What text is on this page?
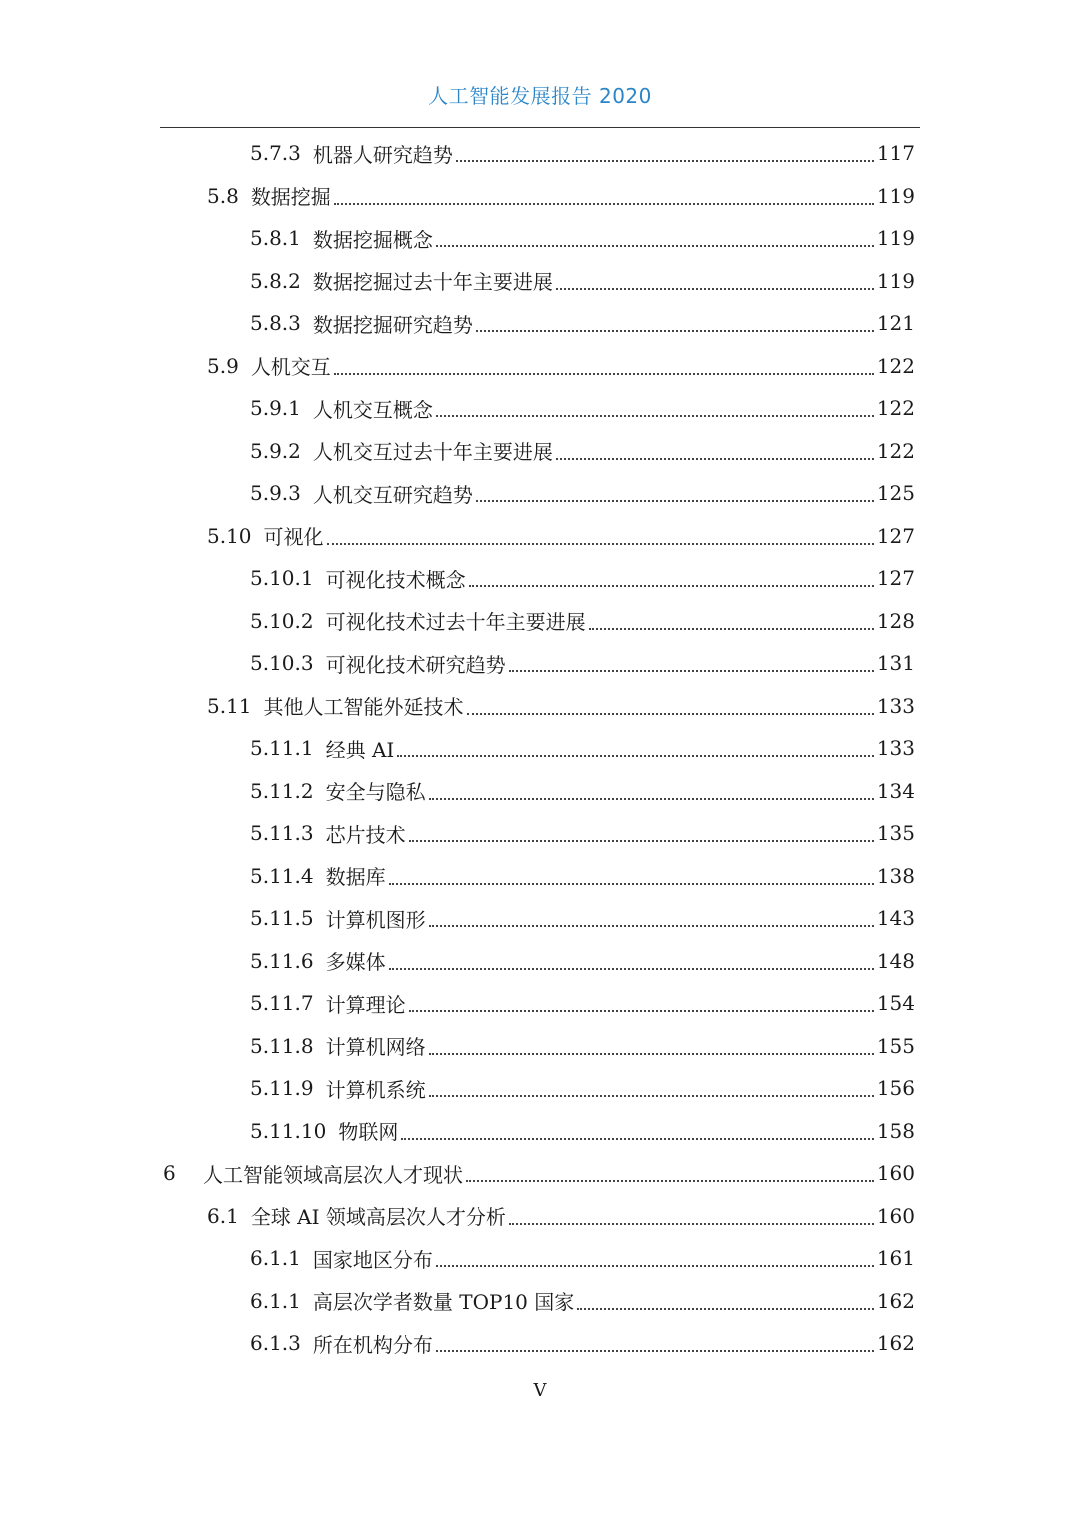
人工智能发展报告 2020
5.7.3 机器人研究趋势	117
5.8 数据挖掘	119
5.8.1 数据挖掘概念	119
5.8.2 数据挖掘过去十年主要进展	119
5.8.3 数据挖掘研究趋势	121
5.9 人机交互	122
5.9.1 人机交互概念	122
5.9.2 人机交互过去十年主要进展	122
5.9.3 人机交互研究趋势	125
5.10 可视化	127
5.10.1 可视化技术概念	127
5.10.2 可视化技术过去十年主要进展	128
5.10.3 可视化技术研究趋势	131
5.11 其他人工智能外延技术	133
5.11.1 经典 AI	133
5.11.2 安全与隐私	134
5.11.3 芯片技术	135
5.11.4 数据库	138
5.11.5 计算机图形	143
5.11.6 多媒体	148
5.11.7 计算理论	154
5.11.8 计算机网络	155
5.11.9 计算机系统	156
5.11.10 物联网	158
6	人工智能领域高层次人才现状	160
6.1 全球 AI 领域高层次人才分析	160
6.1.1 国家地区分布	161
6.1.1 高层次学者数量 TOP10 国家	162
6.1.3 所在机构分布	162
V
